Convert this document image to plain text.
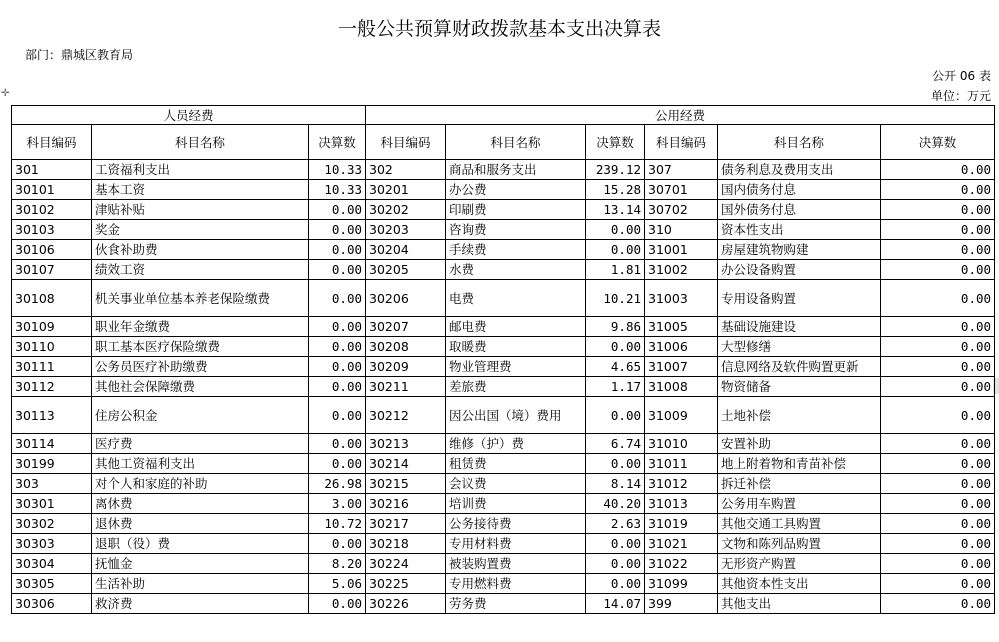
一般公共预算财政拨款基本支出决算表
部门：鼎城区教育局
公开 06 表
单位：万元
✛
人员经费			公用经费					
科目编码	科目名称	决算数	科目编码	科目名称	决算数	科目编码	科目名称	决算数
301	工资福利支出	10.33	302	商品和服务支出	239.12	307	债务利息及费用支出	0.00
30101	基本工资	10.33	30201	办公费	15.28	30701	国内债务付息	0.00
30102	津贴补贴	0.00	30202	印刷费	13.14	30702	国外债务付息	0.00
30103	奖金	0.00	30203	咨询费	0.00	310	资本性支出	0.00
30106	伙食补助费	0.00	30204	手续费	0.00	31001	房屋建筑物购建	0.00
30107	绩效工资	0.00	30205	水费	1.81	31002	办公设备购置	0.00
30108	机关事业单位基本养老保险缴费	0.00	30206	电费	10.21	31003	专用设备购置	0.00
30109	职业年金缴费	0.00	30207	邮电费	9.86	31005	基础设施建设	0.00
30110	职工基本医疗保险缴费	0.00	30208	取暖费	0.00	31006	大型修缮	0.00
30111	公务员医疗补助缴费	0.00	30209	物业管理费	4.65	31007	信息网络及软件购置更新	0.00
30112	其他社会保障缴费	0.00	30211	差旅费	1.17	31008	物资储备	0.00
30113	住房公积金	0.00	30212	因公出国（境）费用	0.00	31009	土地补偿	0.00
30114	医疗费	0.00	30213	维修（护）费	6.74	31010	安置补助	0.00
30199	其他工资福利支出	0.00	30214	租赁费	0.00	31011	地上附着物和青苗补偿	0.00
303	对个人和家庭的补助	26.98	30215	会议费	8.14	31012	拆迁补偿	0.00
30301	离休费	3.00	30216	培训费	40.20	31013	公务用车购置	0.00
30302	退休费	10.72	30217	公务接待费	2.63	31019	其他交通工具购置	0.00
30303	退职（役）费	0.00	30218	专用材料费	0.00	31021	文物和陈列品购置	0.00
30304	抚恤金	8.20	30224	被装购置费	0.00	31022	无形资产购置	0.00
30305	生活补助	5.06	30225	专用燃料费	0.00	31099	其他资本性支出	0.00
30306	救济费	0.00	30226	劳务费	14.07	399	其他支出	0.00
